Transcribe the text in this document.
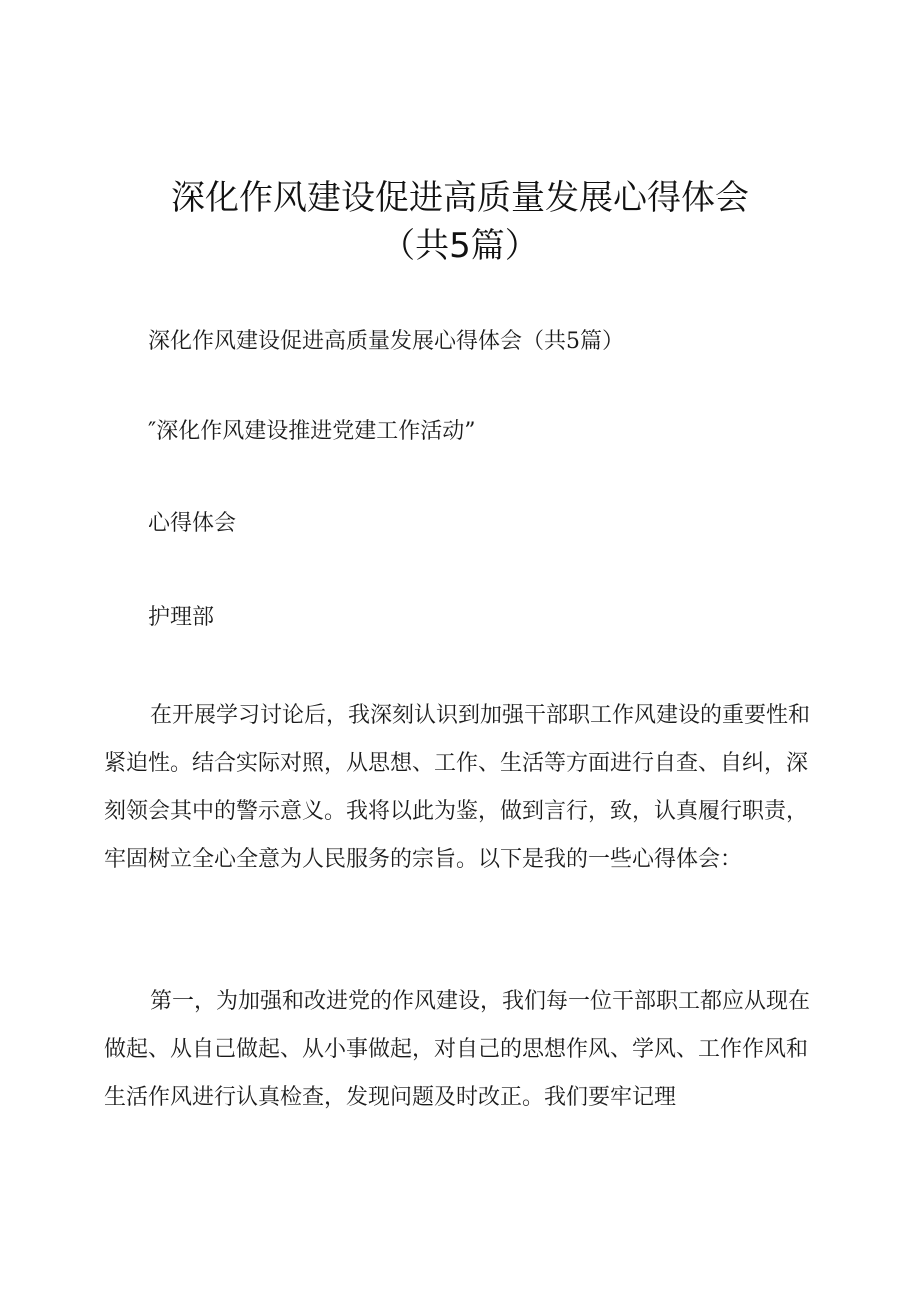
深化作风建设促进高质量发展心得体会
（共5篇）
深化作风建设促进高质量发展心得体会（共5篇）
″深化作风建设推进党建工作活动”
心得体会
护理部
在开展学习讨论后，我深刻认识到加强干部职工作风建设的重要性和紧迫性。结合实际对照，从思想、工作、生活等方面进行自查、自纠，深刻领会其中的警示意义。我将以此为鉴，做到言行，致，认真履行职责，牢固树立全心全意为人民服务的宗旨。以下是我的一些心得体会：
第一，为加强和改进党的作风建设，我们每一位干部职工都应从现在做起、从自己做起、从小事做起，对自己的思想作风、学风、工作作风和生活作风进行认真检查，发现问题及时改正。我们要牢记理
